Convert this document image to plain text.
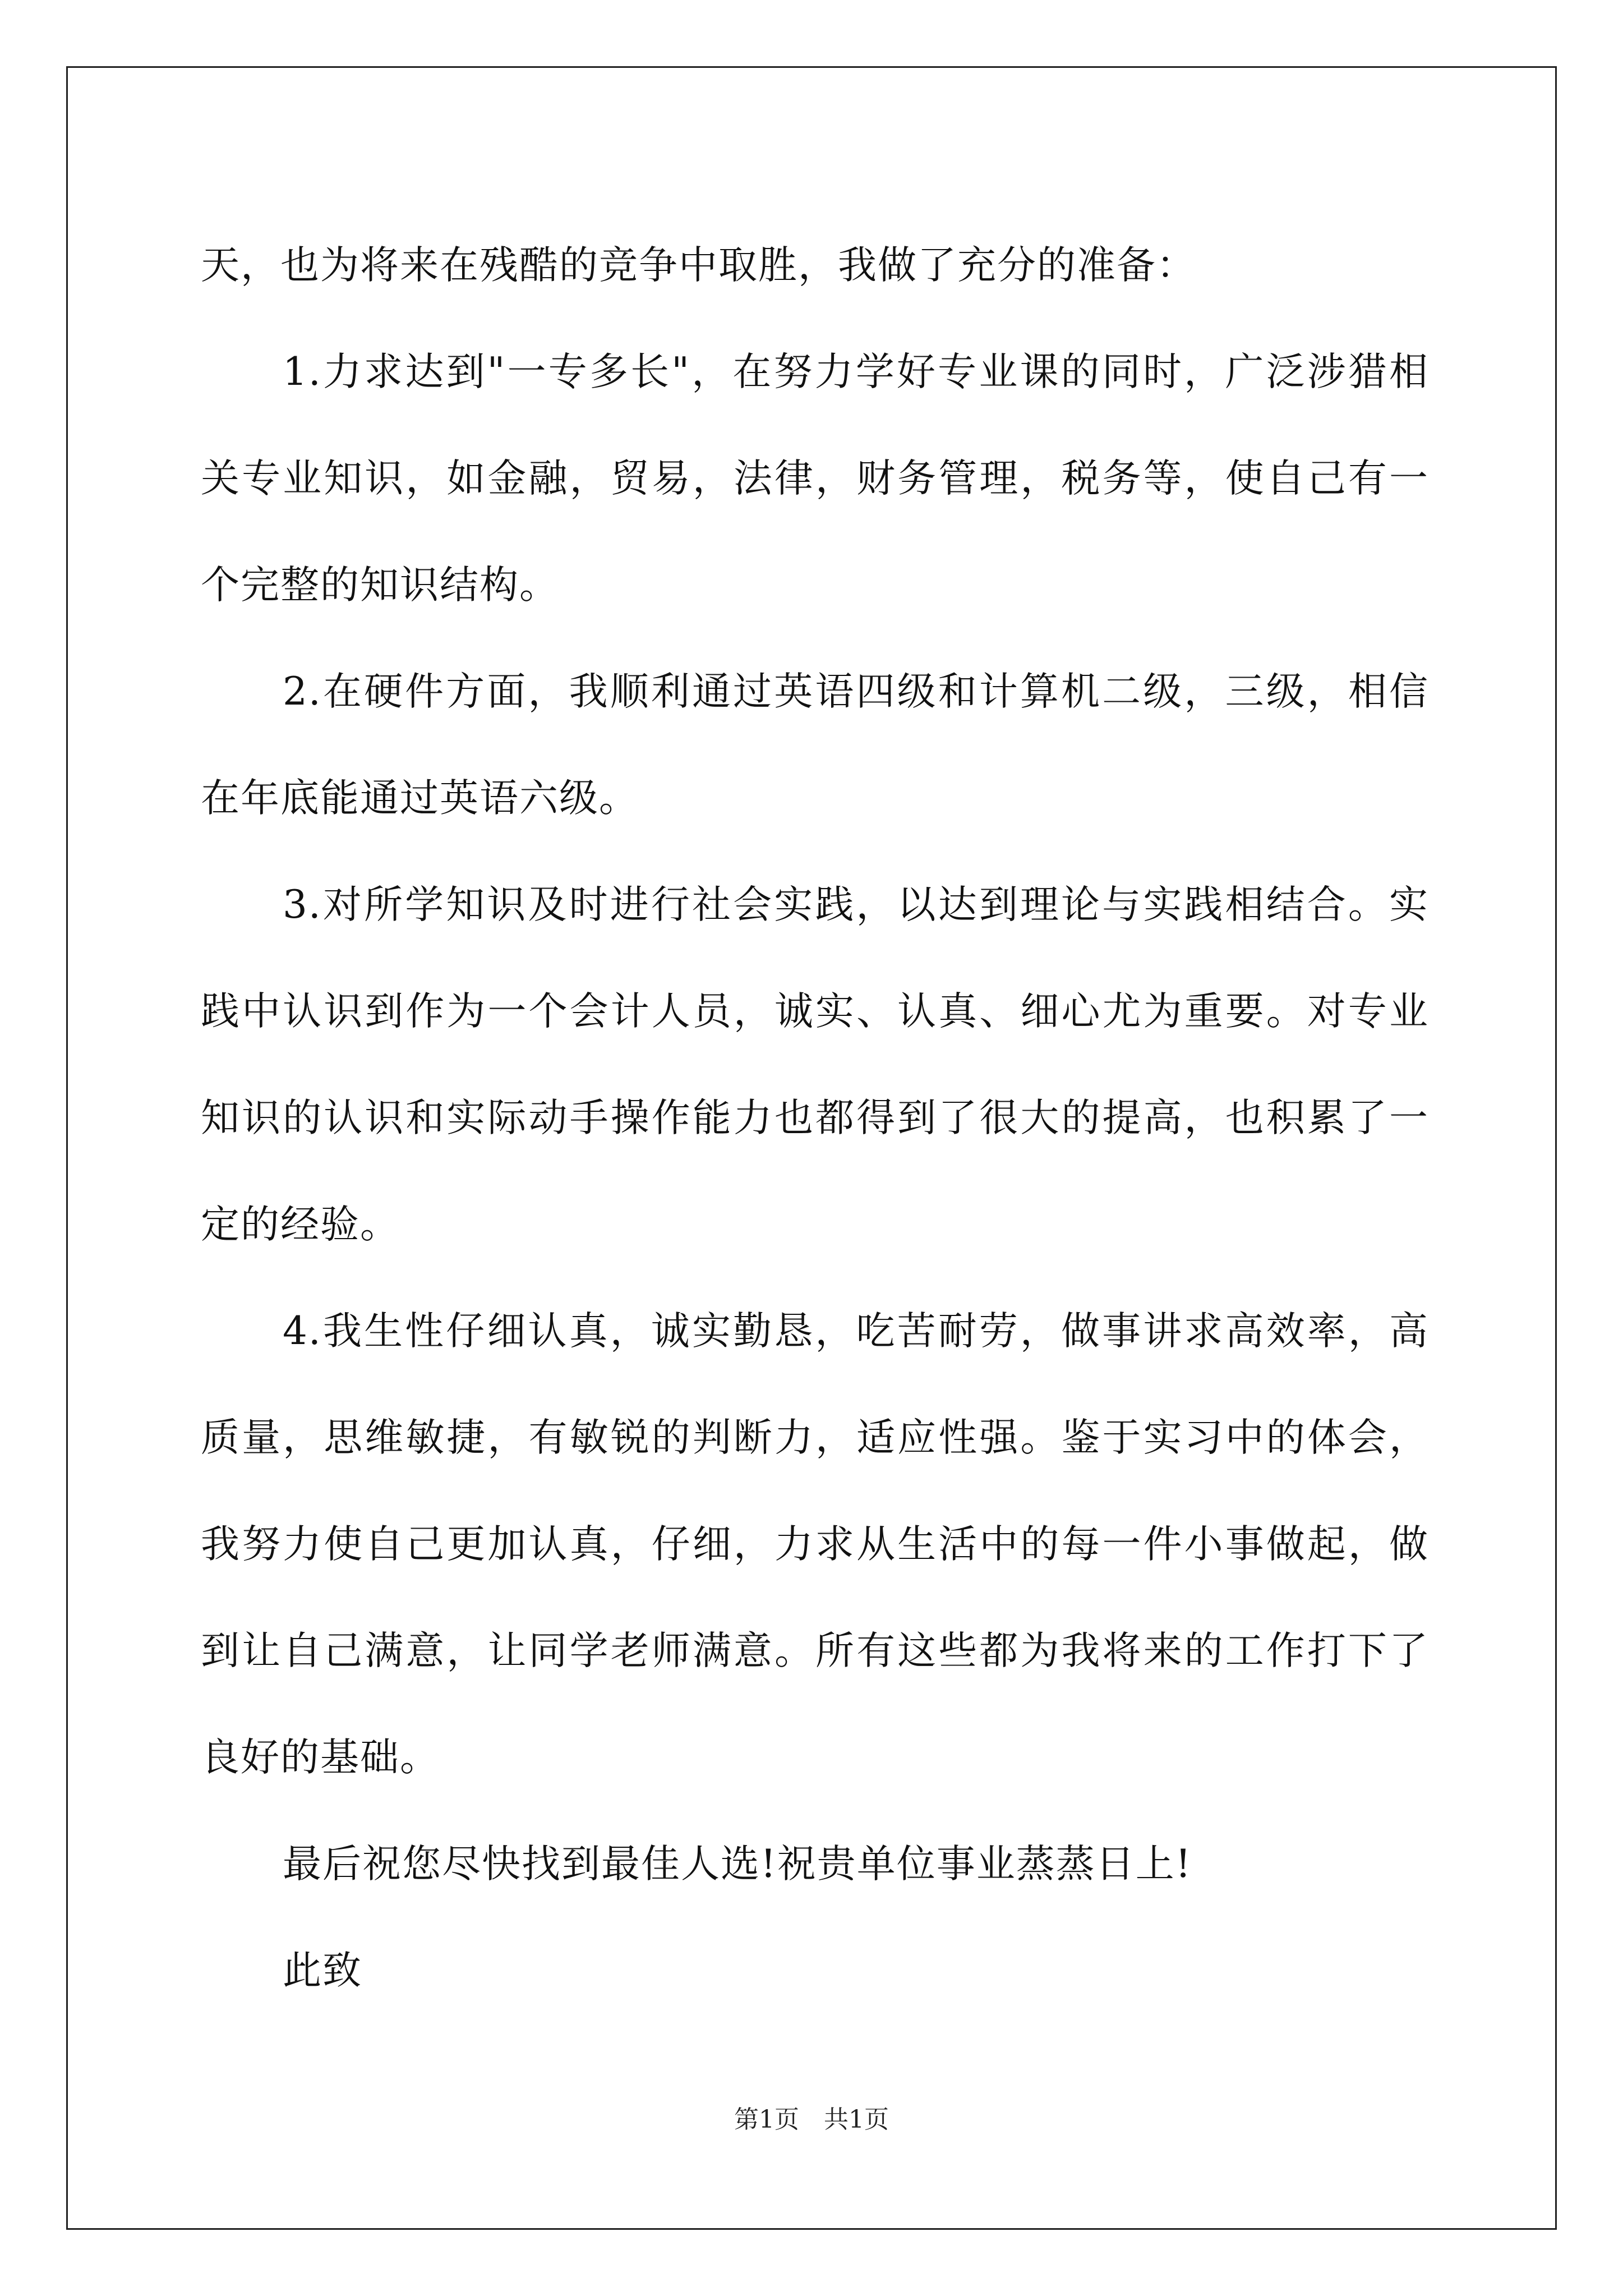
天，也为将来在残酷的竞争中取胜，我做了充分的准备：
1.力求达到"一专多长"，在努力学好专业课的同时，广泛涉猎相
关专业知识，如金融，贸易，法律，财务管理，税务等，使自己有一
个完整的知识结构。
2.在硬件方面，我顺利通过英语四级和计算机二级，三级，相信
在年底能通过英语六级。
3.对所学知识及时进行社会实践，以达到理论与实践相结合。实
践中认识到作为一个会计人员，诚实、认真、细心尤为重要。对专业
知识的认识和实际动手操作能力也都得到了很大的提高，也积累了一
定的经验。
4.我生性仔细认真，诚实勤恳，吃苦耐劳，做事讲求高效率，高
质量，思维敏捷，有敏锐的判断力，适应性强。鉴于实习中的体会，
我努力使自己更加认真，仔细，力求从生活中的每一件小事做起，做
到让自己满意，让同学老师满意。所有这些都为我将来的工作打下了
良好的基础。
最后祝您尽快找到最佳人选!祝贵单位事业蒸蒸日上!
此致
第1页　共1页
